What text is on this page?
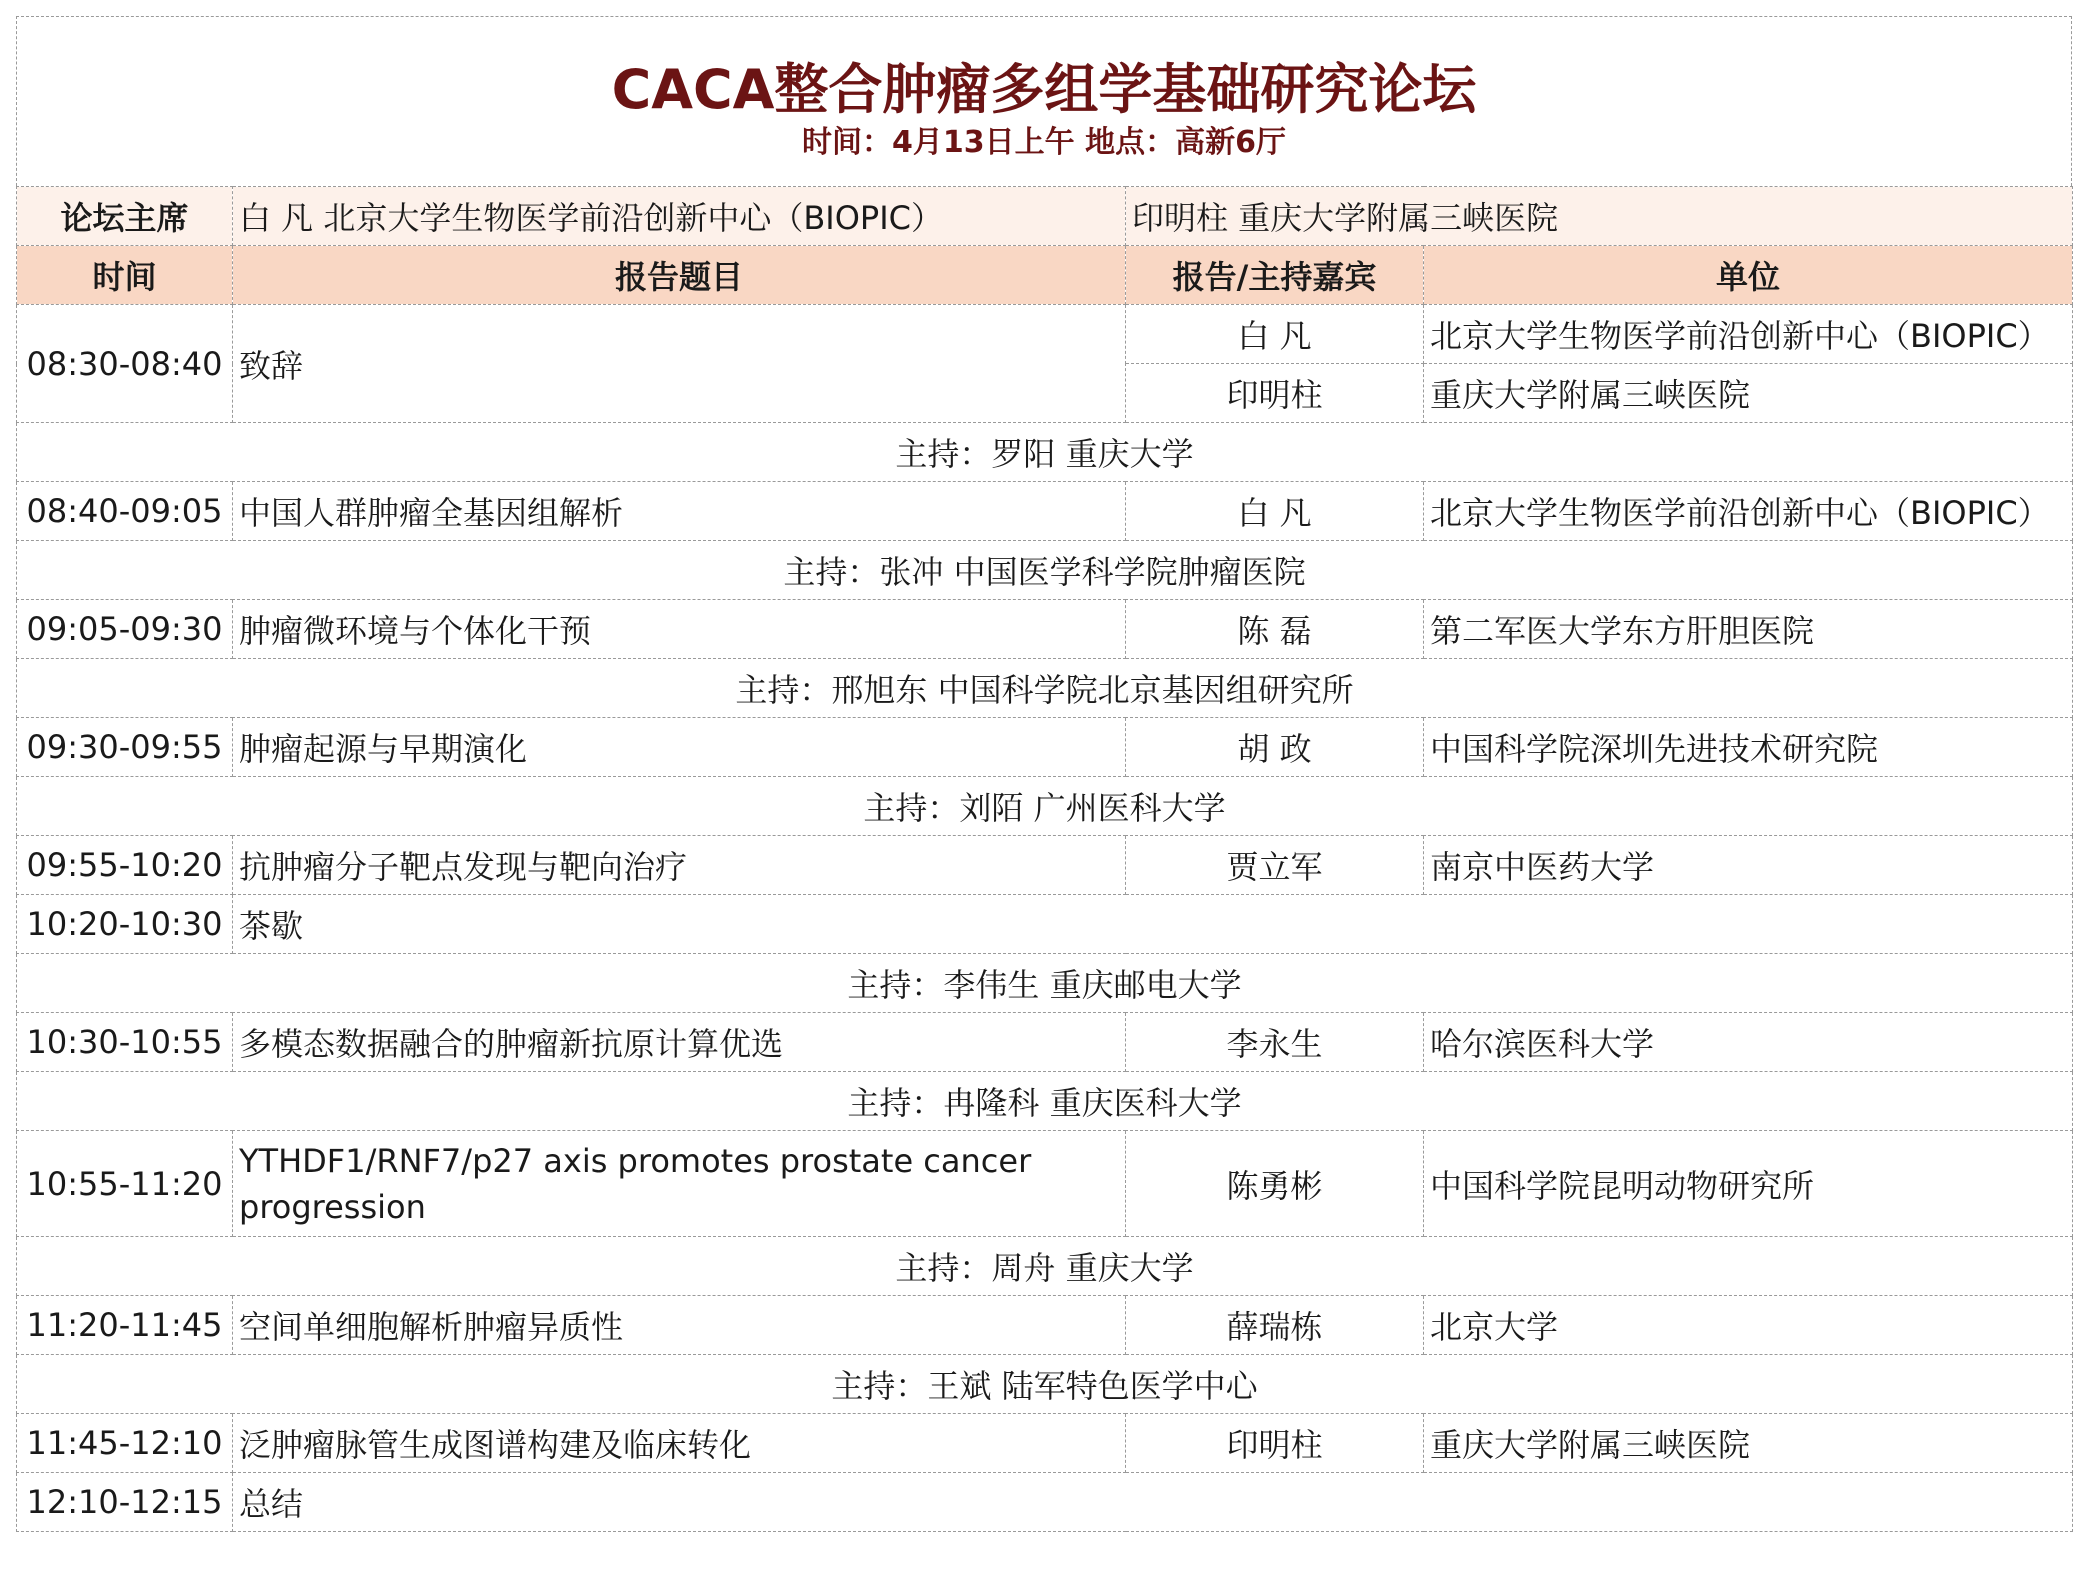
CACA整合肿瘤多组学基础研究论坛
时间：4月13日上午 地点：高新6厅
论坛主席	白 凡 北京大学生物医学前沿创新中心（BIOPIC）	印明柱 重庆大学附属三峡医院	
时间	报告题目	报告/主持嘉宾	单位
08:30-08:40	致辞	白 凡	北京大学生物医学前沿创新中心（BIOPIC）
		印明柱	重庆大学附属三峡医院
主持：罗阳 重庆大学			
08:40-09:05	中国人群肿瘤全基因组解析	白 凡	北京大学生物医学前沿创新中心（BIOPIC）
主持：张冲 中国医学科学院肿瘤医院			
09:05-09:30	肿瘤微环境与个体化干预	陈 磊	第二军医大学东方肝胆医院
主持：邢旭东 中国科学院北京基因组研究所			
09:30-09:55	肿瘤起源与早期演化	胡 政	中国科学院深圳先进技术研究院
主持：刘陌 广州医科大学			
09:55-10:20	抗肿瘤分子靶点发现与靶向治疗	贾立军	南京中医药大学
10:20-10:30	茶歇		
主持：李伟生 重庆邮电大学			
10:30-10:55	多模态数据融合的肿瘤新抗原计算优选	李永生	哈尔滨医科大学
主持：冉隆科 重庆医科大学			
10:55-11:20	YTHDF1/RNF7/p27 axis promotes prostate cancer progression	陈勇彬	中国科学院昆明动物研究所
主持：周舟 重庆大学			
11:20-11:45	空间单细胞解析肿瘤异质性	薛瑞栋	北京大学
主持：王斌 陆军特色医学中心			
11:45-12:10	泛肿瘤脉管生成图谱构建及临床转化	印明柱	重庆大学附属三峡医院
12:10-12:15	总结		
